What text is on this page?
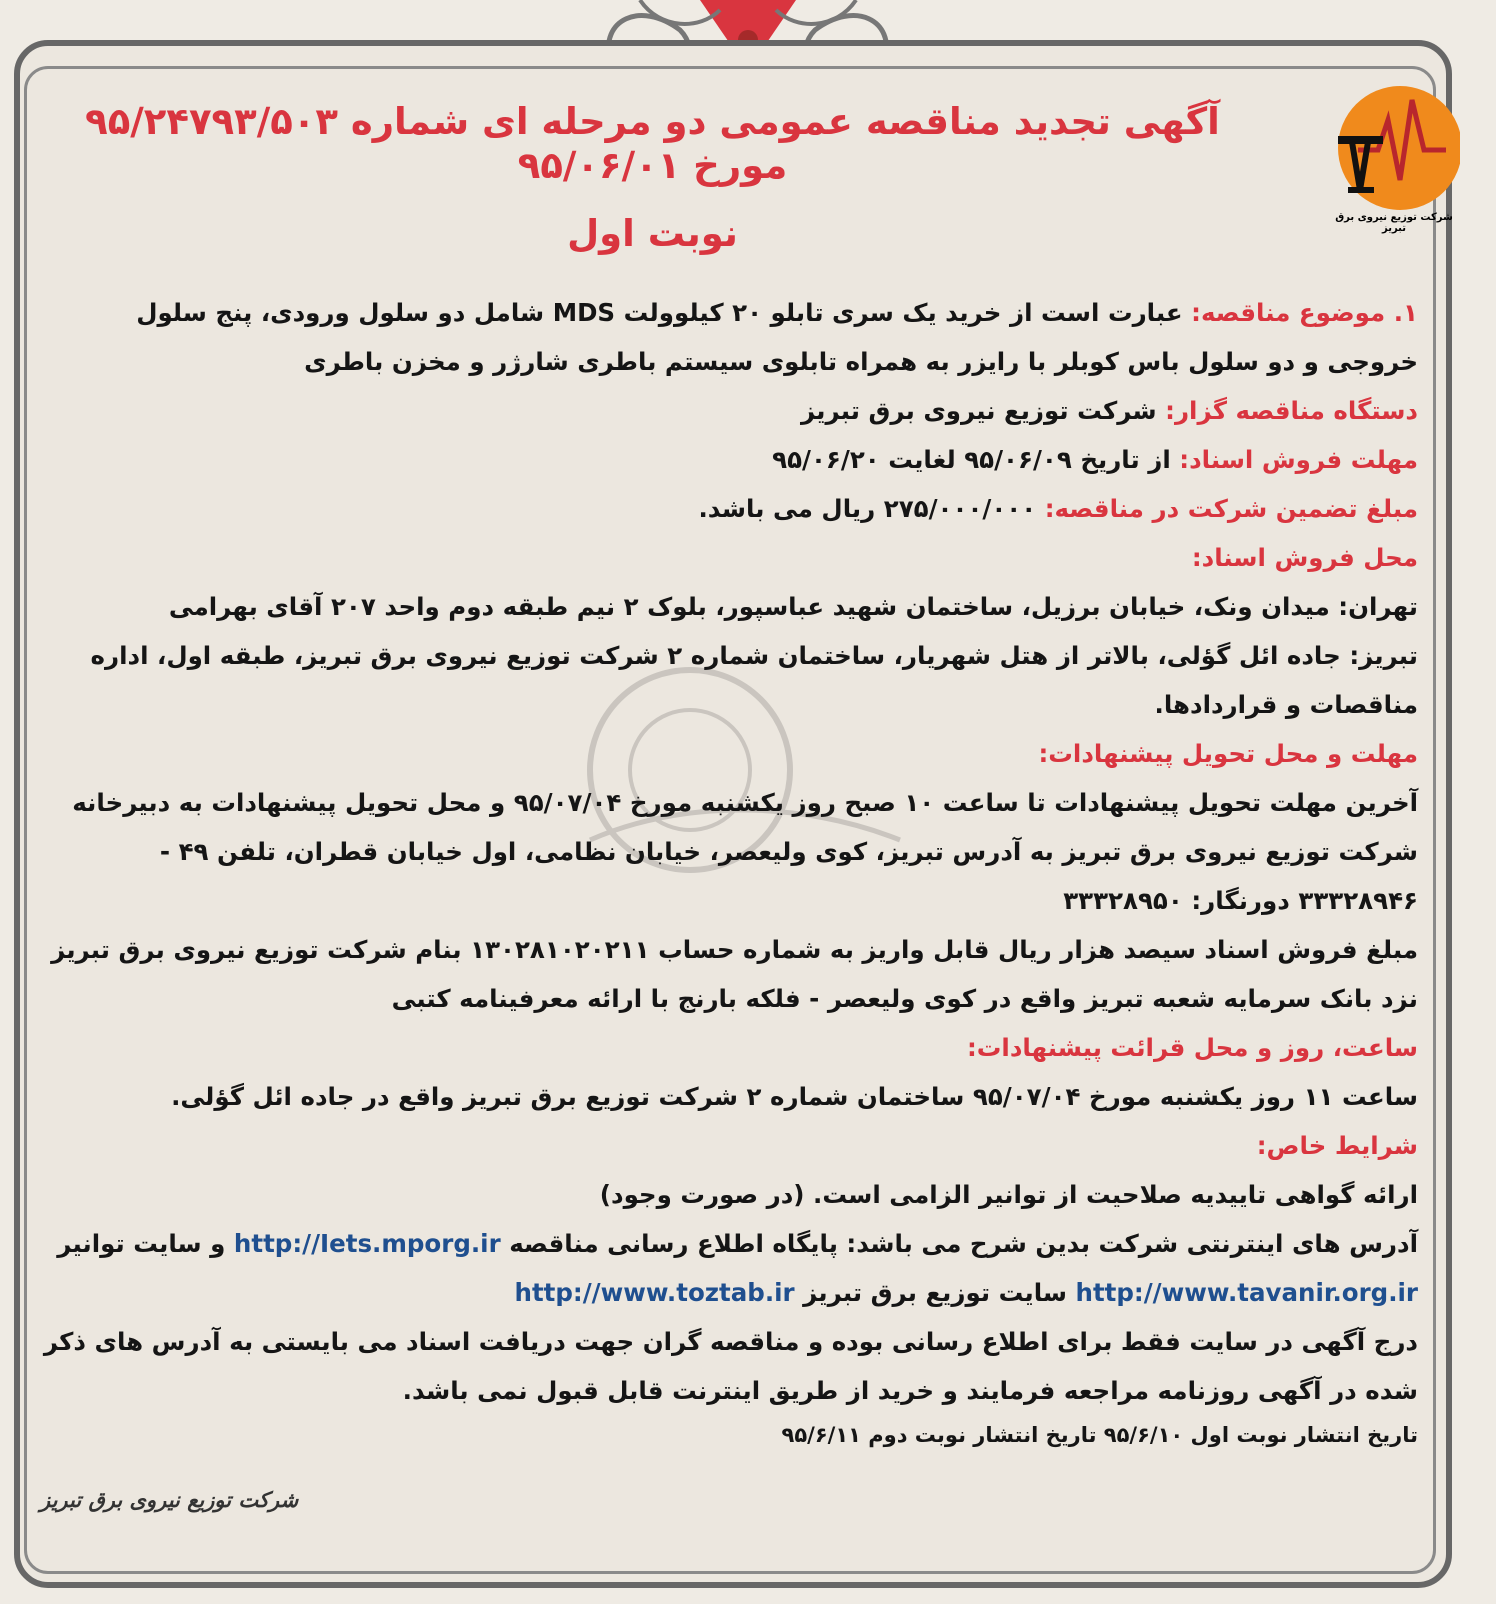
شرکت توزیع نیروی برق تبریز
آگهی تجدید مناقصه عمومی دو مرحله ای شماره ۹۵/۲۴۷۹۳/۵۰۳ مورخ ۹۵/۰۶/۰۱
نوبت اول

۱. موضوع مناقصه: عبارت است از خرید یک سری تابلو ۲۰ کیلوولت MDS شامل دو سلول ورودی، پنج سلول خروجی و دو سلول باس کوبلر با رایزر به همراه تابلوی سیستم باطری شارژر و مخزن باطری

دستگاه مناقصه گزار: شرکت توزیع نیروی برق تبریز

مهلت فروش اسناد: از تاریخ ۹۵/۰۶/۰۹ لغایت ۹۵/۰۶/۲۰

مبلغ تضمین شرکت در مناقصه: ۲۷۵/۰۰۰/۰۰۰ ریال می باشد.

محل فروش اسناد:

تهران: میدان ونک، خیابان برزیل، ساختمان شهید عباسپور، بلوک ۲ نیم طبقه دوم واحد ۲۰۷ آقای بهرامی

تبریز: جاده ائل گؤلی، بالاتر از هتل شهریار، ساختمان شماره ۲ شرکت توزیع نیروی برق تبریز، طبقه اول، اداره مناقصات و قراردادها.

مهلت و محل تحویل پیشنهادات:

آخرین مهلت تحویل پیشنهادات تا ساعت ۱۰ صبح روز یکشنبه مورخ ۹۵/۰۷/۰۴ و محل تحویل پیشنهادات به دبیرخانه شرکت توزیع نیروی برق تبریز به آدرس تبریز، کوی ولیعصر، خیابان نظامی، اول خیابان قطران، تلفن ۴۹ - ۳۳۳۲۸۹۴۶ دورنگار: ۳۳۳۲۸۹۵۰

مبلغ فروش اسناد سیصد هزار ریال قابل واریز به شماره حساب ۱۳۰۲۸۱۰۲۰۲۱۱ بنام شرکت توزیع نیروی برق تبریز نزد بانک سرمایه شعبه تبریز واقع در کوی ولیعصر - فلکه بارنج با ارائه معرفینامه کتبی

ساعت، روز و محل قرائت پیشنهادات:

ساعت ۱۱ روز یکشنبه مورخ ۹۵/۰۷/۰۴ ساختمان شماره ۲ شرکت توزیع برق تبریز واقع در جاده ائل گؤلی.

شرایط خاص:

ارائه گواهی تاییدیه صلاحیت از توانیر الزامی است. (در صورت وجود)

آدرس های اینترنتی شرکت بدین شرح می باشد: پایگاه اطلاع رسانی مناقصه http://Iets.mporg.ir و سایت توانیر http://www.tavanir.org.ir سایت توزیع برق تبریز http://www.toztab.ir

درج آگهی در سایت فقط برای اطلاع رسانی بوده و مناقصه گران جهت دریافت اسناد می بایستی به آدرس های ذکر شده در آگهی روزنامه مراجعه فرمایند و خرید از طریق اینترنت قابل قبول نمی باشد.

تاریخ انتشار نوبت اول ۹۵/۶/۱۰ تاریخ انتشار نوبت دوم ۹۵/۶/۱۱

شرکت توزیع نیروی برق تبریز
